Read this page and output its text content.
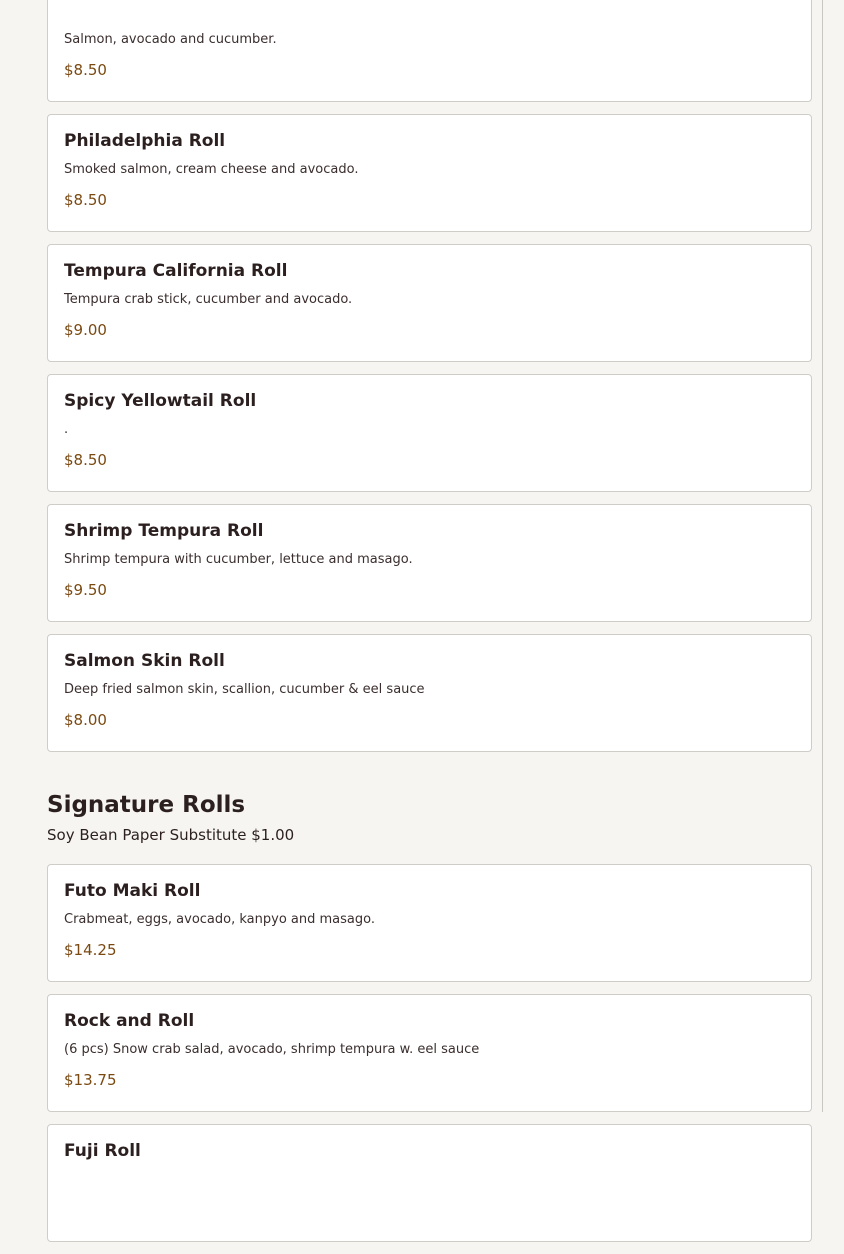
Salmon, avocado and cucumber.
$8.50
Philadelphia Roll
Smoked salmon, cream cheese and avocado.
$8.50
Tempura California Roll
Tempura crab stick, cucumber and avocado.
$9.00
Spicy Yellowtail Roll
.
$8.50
Shrimp Tempura Roll
Shrimp tempura with cucumber, lettuce and masago.
$9.50
Salmon Skin Roll
Deep fried salmon skin, scallion, cucumber & eel sauce
$8.00
Signature Rolls
Soy Bean Paper Substitute $1.00
Futo Maki Roll
Crabmeat, eggs, avocado, kanpyo and masago.
$14.25
Rock and Roll
(6 pcs) Snow crab salad, avocado, shrimp tempura w. eel sauce
$13.75
Fuji Roll
